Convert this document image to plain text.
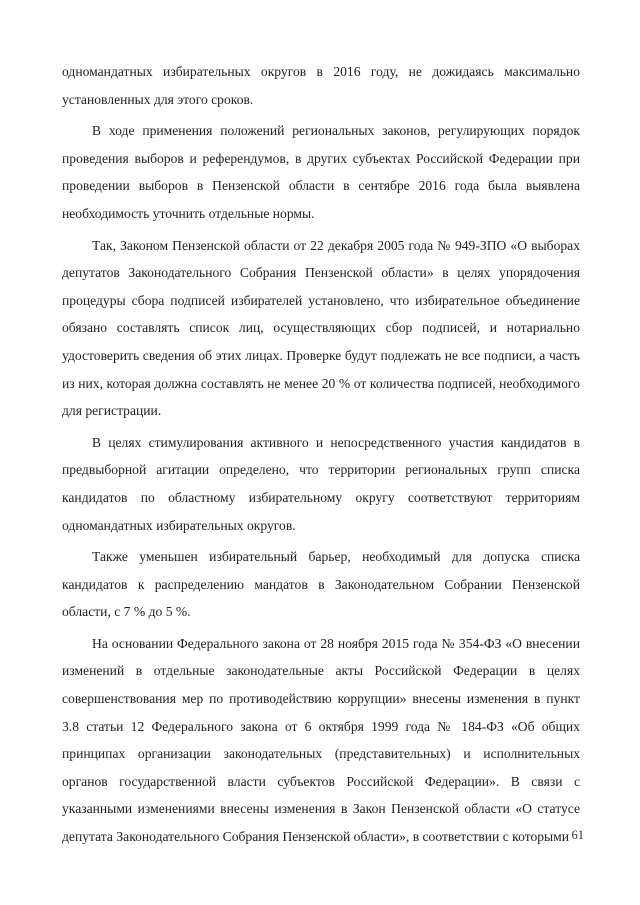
одномандатных избирательных округов в 2016 году, не дожидаясь максимально установленных для этого сроков.

В ходе применения положений региональных законов, регулирующих порядок проведения выборов и референдумов, в других субъектах Российской Федерации при проведении выборов в Пензенской области в сентябре 2016 года была выявлена необходимость уточнить отдельные нормы.

Так, Законом Пензенской области от 22 декабря 2005 года № 949-ЗПО «О выборах депутатов Законодательного Собрания Пензенской области» в целях упорядочения процедуры сбора подписей избирателей установлено, что избирательное объединение обязано составлять список лиц, осуществляющих сбор подписей, и нотариально удостоверить сведения об этих лицах. Проверке будут подлежать не все подписи, а часть из них, которая должна составлять не менее 20 % от количества подписей, необходимого для регистрации.

В целях стимулирования активного и непосредственного участия кандидатов в предвыборной агитации определено, что территории региональных групп списка кандидатов по областному избирательному округу соответствуют территориям одномандатных избирательных округов.

Также уменьшен избирательный барьер, необходимый для допуска списка кандидатов к распределению мандатов в Законодательном Собрании Пензенской области, с 7 % до 5 %.

На основании Федерального закона от 28 ноября 2015 года № 354-ФЗ «О внесении изменений в отдельные законодательные акты Российской Федерации в целях совершенствования мер по противодействию коррупции» внесены изменения в пункт 3.8 статьи 12 Федерального закона от 6 октября 1999 года № 184-ФЗ «Об общих принципах организации законодательных (представительных) и исполнительных органов государственной власти субъектов Российской Федерации». В связи с указанными изменениями внесены изменения в Закон Пензенской области «О статусе депутата Законодательного Собрания Пензенской области», в соответствии с которыми 61
